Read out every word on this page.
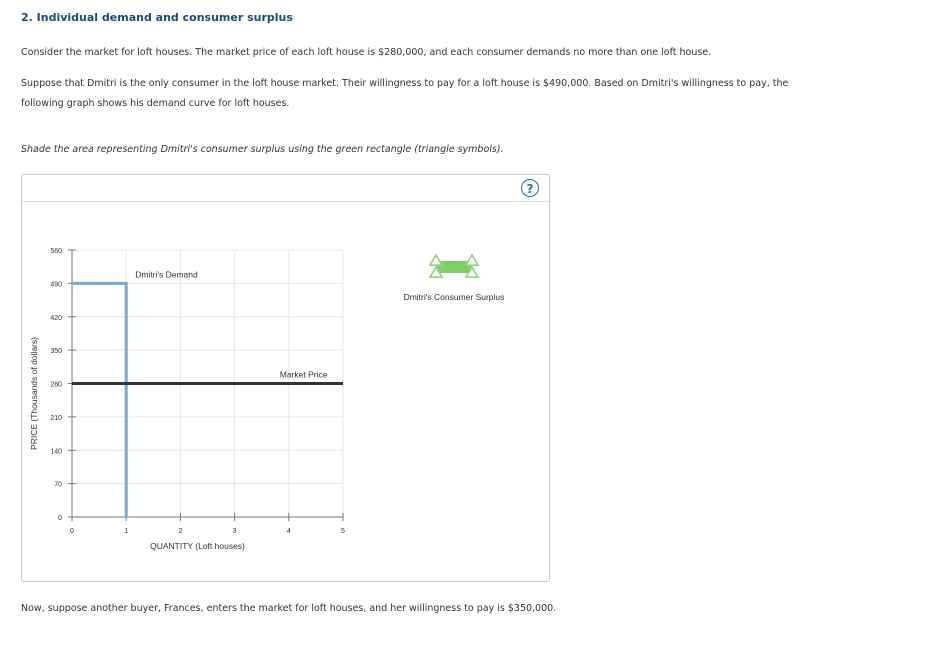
2. Individual demand and consumer surplus

Consider the market for loft houses. The market price of each loft house is $280,000, and each consumer demands no more than one loft house.

Suppose that Dmitri is the only consumer in the loft house market. Their willingness to pay for a loft house is $490,000. Based on Dmitri's willingness to pay, the following graph shows his demand curve for loft houses.

Shade the area representing Dmitri's consumer surplus using the green rectangle (triangle symbols).

?
0
70
140
210
280
350
420
490
560
0	1	2	3	4	5
PRICE (Thousands of dollars)
QUANTITY (Loft houses)
Dmitri's Demand
Market Price
Dmitri's Consumer Surplus

Now, suppose another buyer, Frances, enters the market for loft houses, and her willingness to pay is $350,000.
